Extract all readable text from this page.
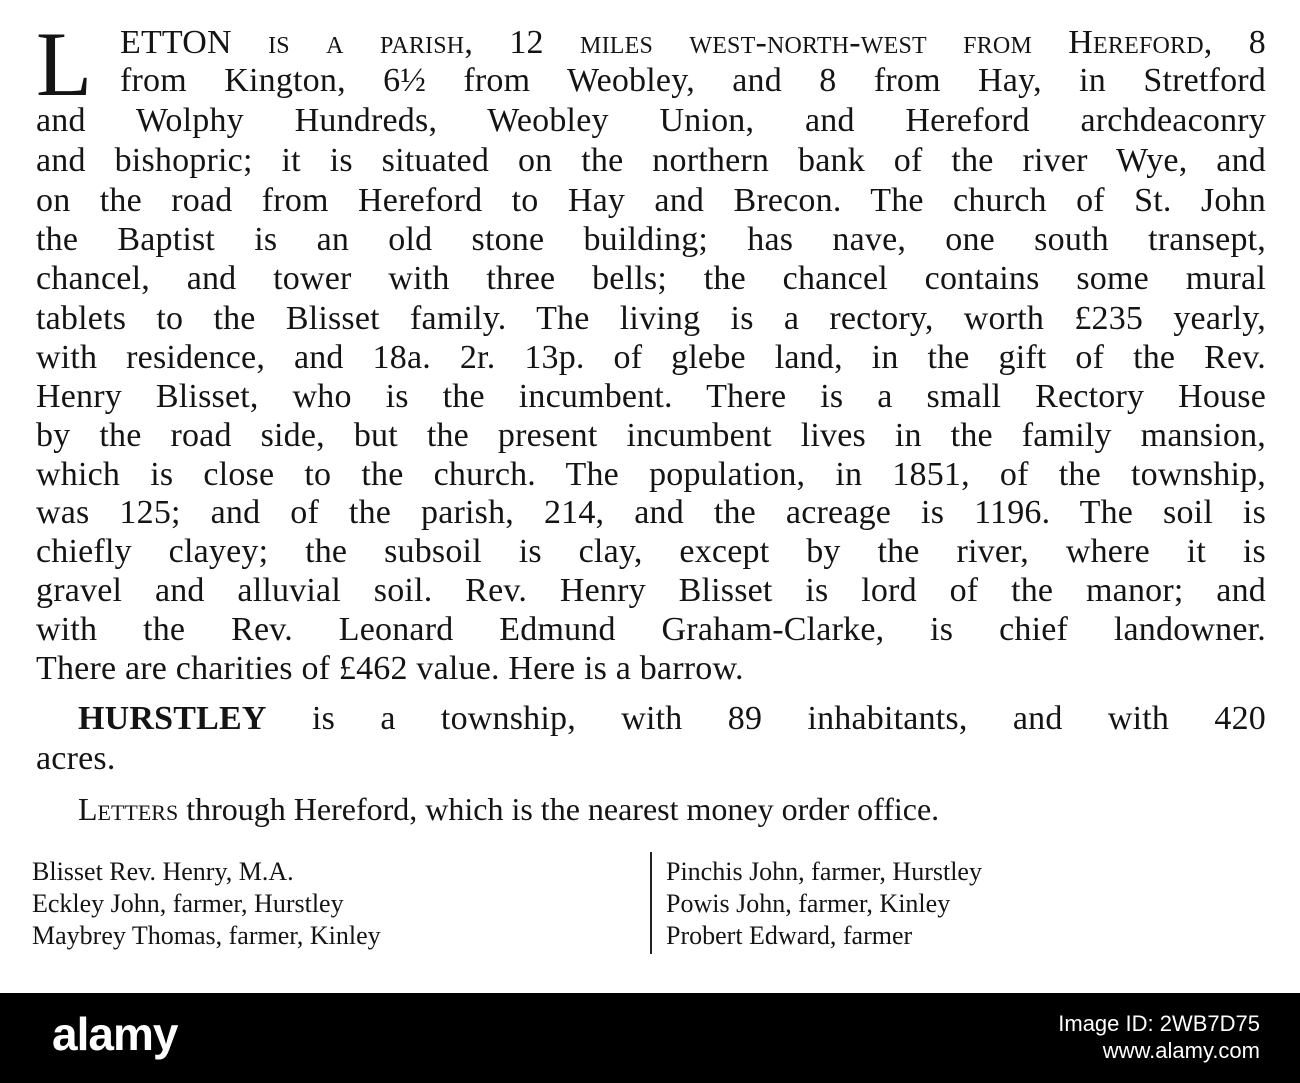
L ETTON is a parish, 12 miles west-north-west from Hereford, 8
from Kington, 6½ from Weobley, and 8 from Hay, in Stretford
and Wolphy Hundreds, Weobley Union, and Hereford archdeaconry
and bishopric; it is situated on the northern bank of the river Wye, and
on the road from Hereford to Hay and Brecon. The church of St. John
the Baptist is an old stone building; has nave, one south transept,
chancel, and tower with three bells; the chancel contains some mural
tablets to the Blisset family. The living is a rectory, worth £235 yearly,
with residence, and 18a. 2r. 13p. of glebe land, in the gift of the Rev.
Henry Blisset, who is the incumbent. There is a small Rectory House
by the road side, but the present incumbent lives in the family mansion,
which is close to the church. The population, in 1851, of the township,
was 125; and of the parish, 214, and the acreage is 1196. The soil is
chiefly clayey; the subsoil is clay, except by the river, where it is
gravel and alluvial soil. Rev. Henry Blisset is lord of the manor; and
with the Rev. Leonard Edmund Graham-Clarke, is chief landowner.
There are charities of £462 value. Here is a barrow.
HURSTLEY is a township, with 89 inhabitants, and with 420
acres.
Letters through Hereford, which is the nearest money order office.
Blisset Rev. Henry, M.A.
Eckley John, farmer, Hurstley
Maybrey Thomas, farmer, Kinley
Pinchis John, farmer, Hurstley
Powis John, farmer, Kinley
Probert Edward, farmer
alamy	Image ID: 2WB7D75
www.alamy.com
